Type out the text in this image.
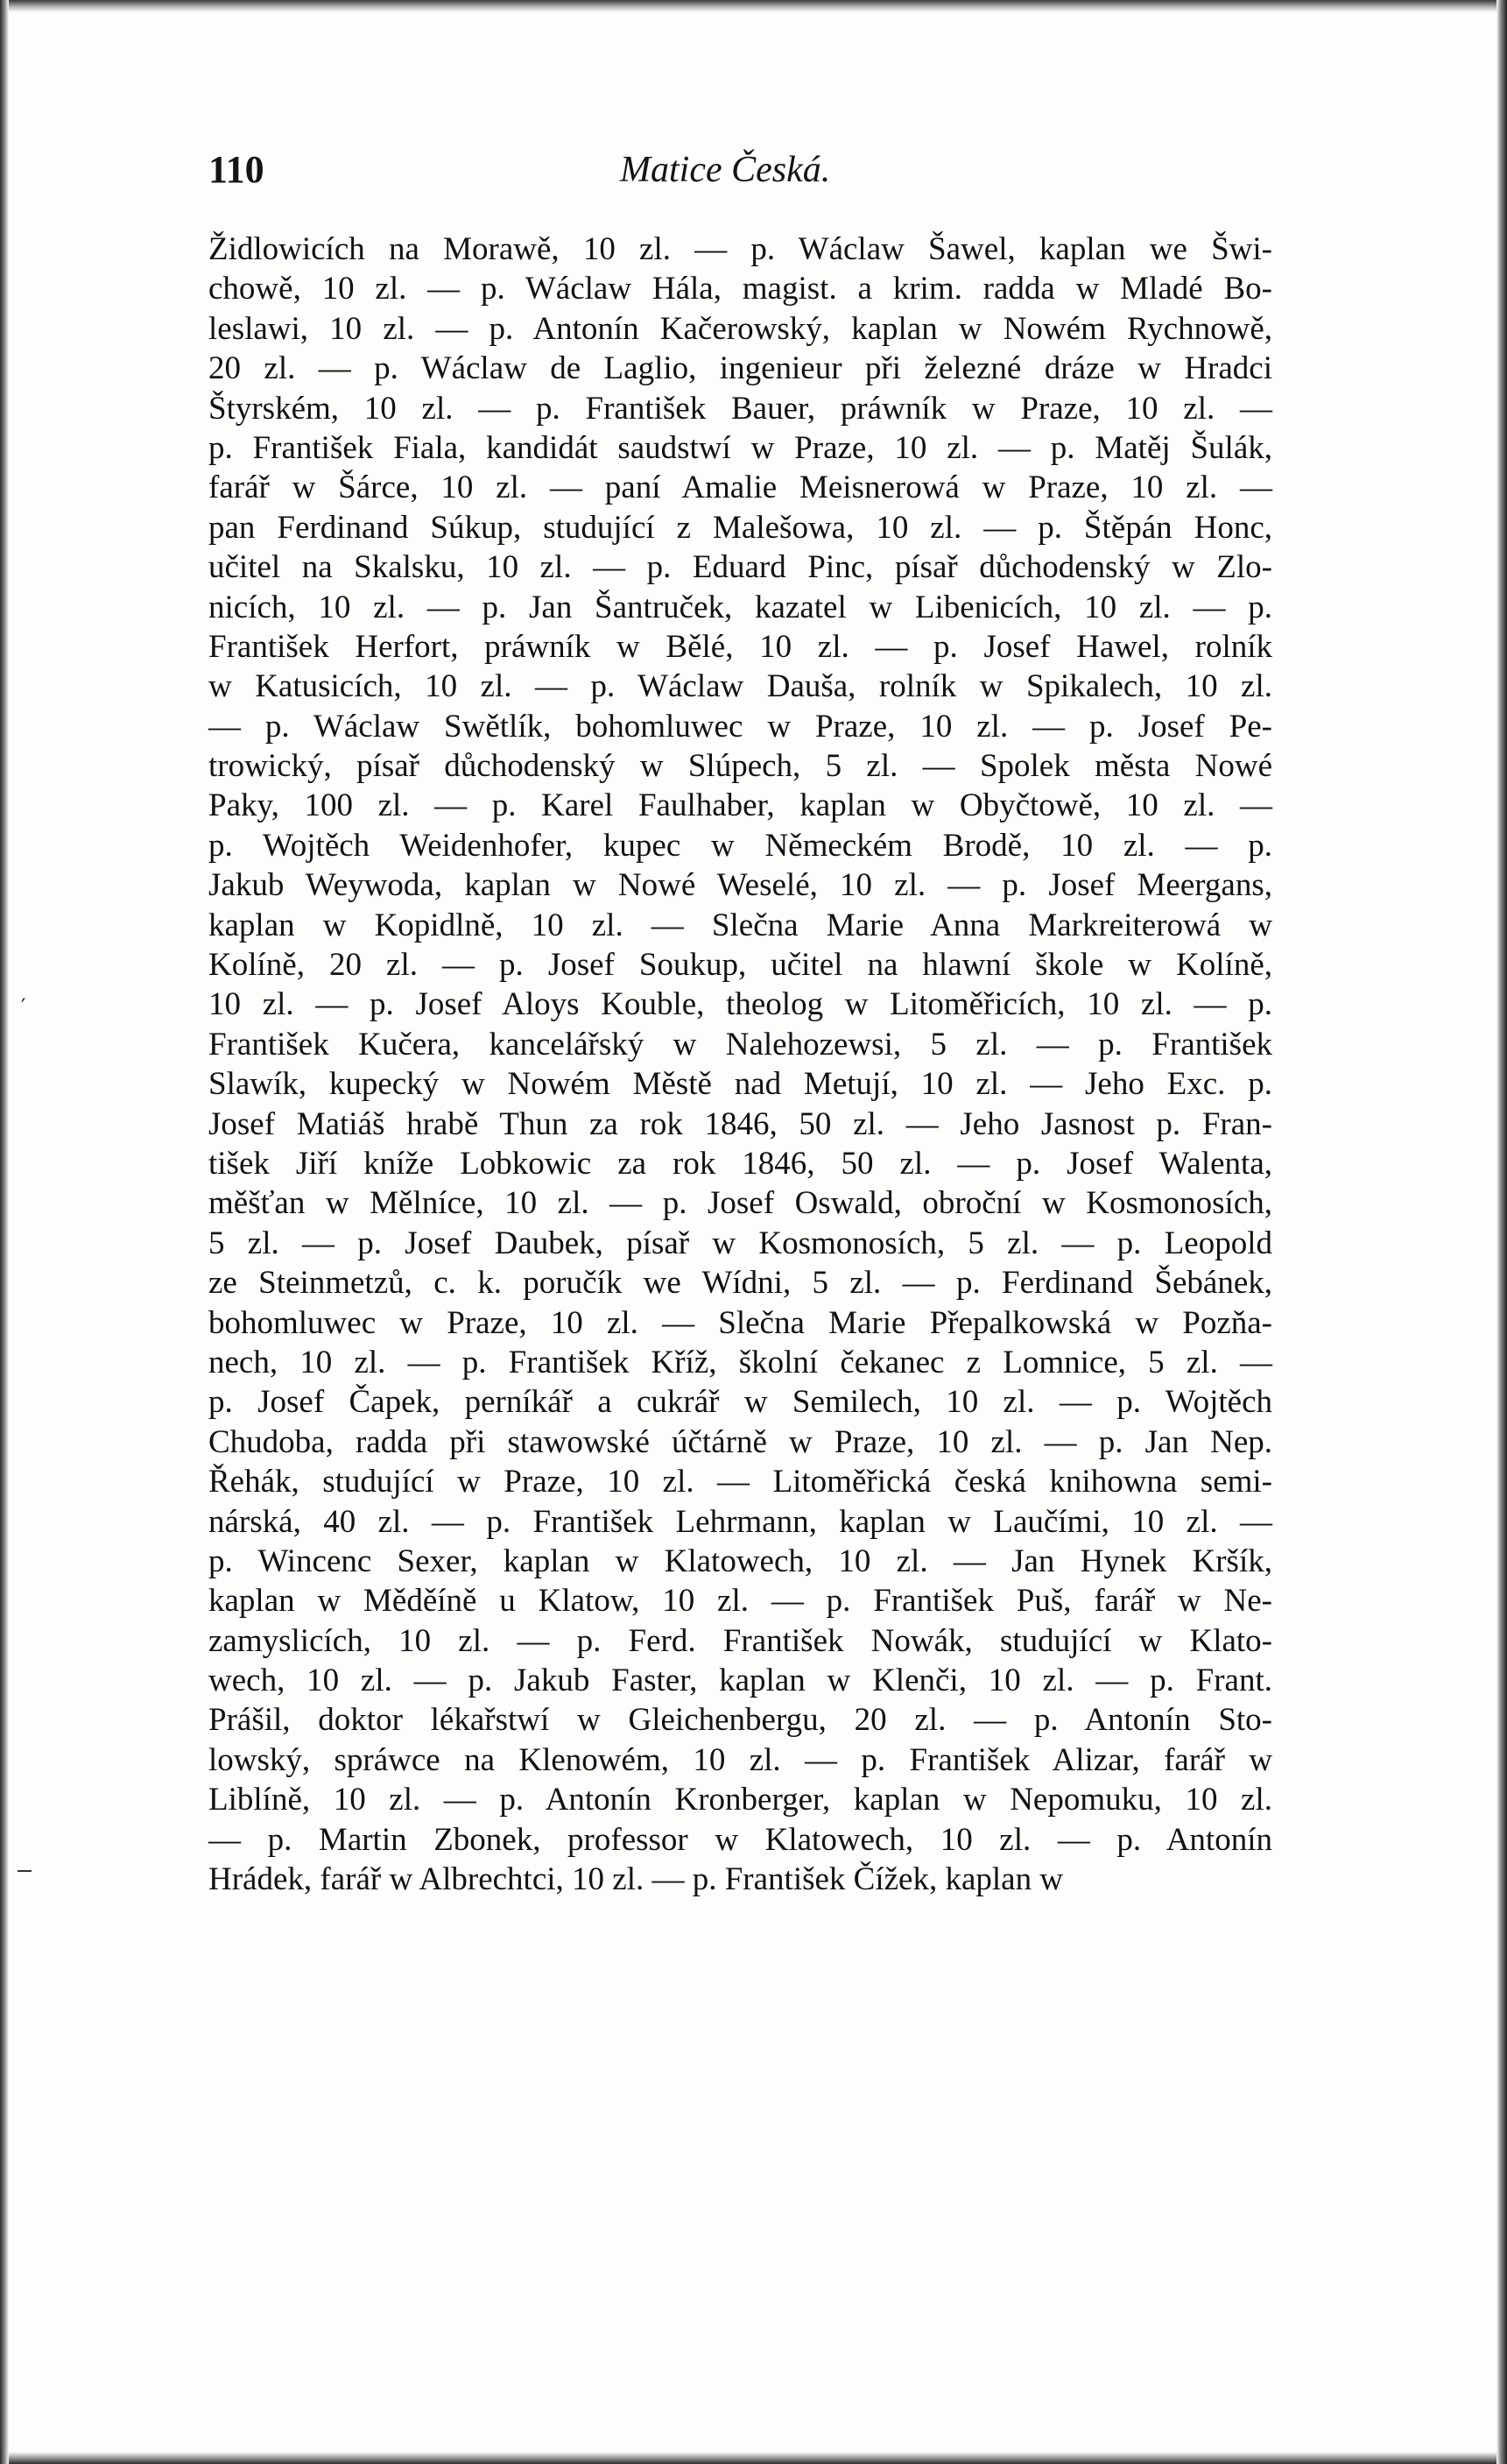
′
110	Matice Česká.
Židlowicích na Morawě, 10 zl. — p. Wáclaw Šawel, kaplan we Šwi-
chowě, 10 zl. — p. Wáclaw Hála, magist. a krim. radda w Mladé Bo-
leslawi, 10 zl. — p. Antonín Kačerowský, kaplan w Nowém Rychnowě,
20 zl. — p. Wáclaw de Laglio, ingenieur při železné dráze w Hradci
Štyrském, 10 zl. — p. František Bauer, práwník w Praze, 10 zl. —
p. František Fiala, kandidát saudstwí w Praze, 10 zl. — p. Matěj Šulák,
farář w Šárce, 10 zl. — paní Amalie Meisnerowá w Praze, 10 zl. —
pan Ferdinand Súkup, studující z Malešowa, 10 zl. — p. Štěpán Honc,
učitel na Skalsku, 10 zl. — p. Eduard Pinc, písař důchodenský w Zlo-
nicích, 10 zl. — p. Jan Šantruček, kazatel w Libenicích, 10 zl. — p.
František Herfort, práwník w Bělé, 10 zl. — p. Josef Hawel, rolník
w Katusicích, 10 zl. — p. Wáclaw Dauša, rolník w Spikalech, 10 zl.
— p. Wáclaw Swětlík, bohomluwec w Praze, 10 zl. — p. Josef Pe-
trowický, písař důchodenský w Slúpech, 5 zl. — Spolek města Nowé
Paky, 100 zl. — p. Karel Faulhaber, kaplan w Obyčtowě, 10 zl. —
p. Wojtěch Weidenhofer, kupec w Německém Brodě, 10 zl. — p.
Jakub Weywoda, kaplan w Nowé Weselé, 10 zl. — p. Josef Meergans,
kaplan w Kopidlně, 10 zl. — Slečna Marie Anna Markreiterowá w
Kolíně, 20 zl. — p. Josef Soukup, učitel na hlawní škole w Kolíně,
10 zl. — p. Josef Aloys Kouble, theolog w Litoměřicích, 10 zl. — p.
František Kučera, kancelářský w Nalehozewsi, 5 zl. — p. František
Slawík, kupecký w Nowém Městě nad Metují, 10 zl. — Jeho Exc. p.
Josef Matiáš hrabě Thun za rok 1846, 50 zl. — Jeho Jasnost p. Fran-
tišek Jiří kníže Lobkowic za rok 1846, 50 zl. — p. Josef Walenta,
měšťan w Mělníce, 10 zl. — p. Josef Oswald, obroční w Kosmonosích,
5 zl. — p. Josef Daubek, písař w Kosmonosích, 5 zl. — p. Leopold
ze Steinmetzů, c. k. poručík we Wídni, 5 zl. — p. Ferdinand Šebánek,
bohomluwec w Praze, 10 zl. — Slečna Marie Přepalkowská w Pozňa-
nech, 10 zl. — p. František Kříž, školní čekanec z Lomnice, 5 zl. —
p. Josef Čapek, perníkář a cukrář w Semilech, 10 zl. — p. Wojtěch
Chudoba, radda při stawowské účtárně w Praze, 10 zl. — p. Jan Nep.
Řehák, studující w Praze, 10 zl. — Litoměřická česká knihowna semi-
nárská, 40 zl. — p. František Lehrmann, kaplan w Laučími, 10 zl. —
p. Wincenc Sexer, kaplan w Klatowech, 10 zl. — Jan Hynek Kršík,
kaplan w Měděíně u Klatow, 10 zl. — p. František Puš, farář w Ne-
zamyslicích, 10 zl. — p. Ferd. František Nowák, studující w Klato-
wech, 10 zl. — p. Jakub Faster, kaplan w Klenči, 10 zl. — p. Frant.
Prášil, doktor lékařstwí w Gleichenbergu, 20 zl. — p. Antonín Sto-
lowský, spráwce na Klenowém, 10 zl. — p. František Alizar, farář w
Liblíně, 10 zl. — p. Antonín Kronberger, kaplan w Nepomuku, 10 zl.
— p. Martin Zbonek, professor w Klatowech, 10 zl. — p. Antonín
Hrádek, farář w Albrechtci, 10 zl. — p. František Čížek, kaplan w
